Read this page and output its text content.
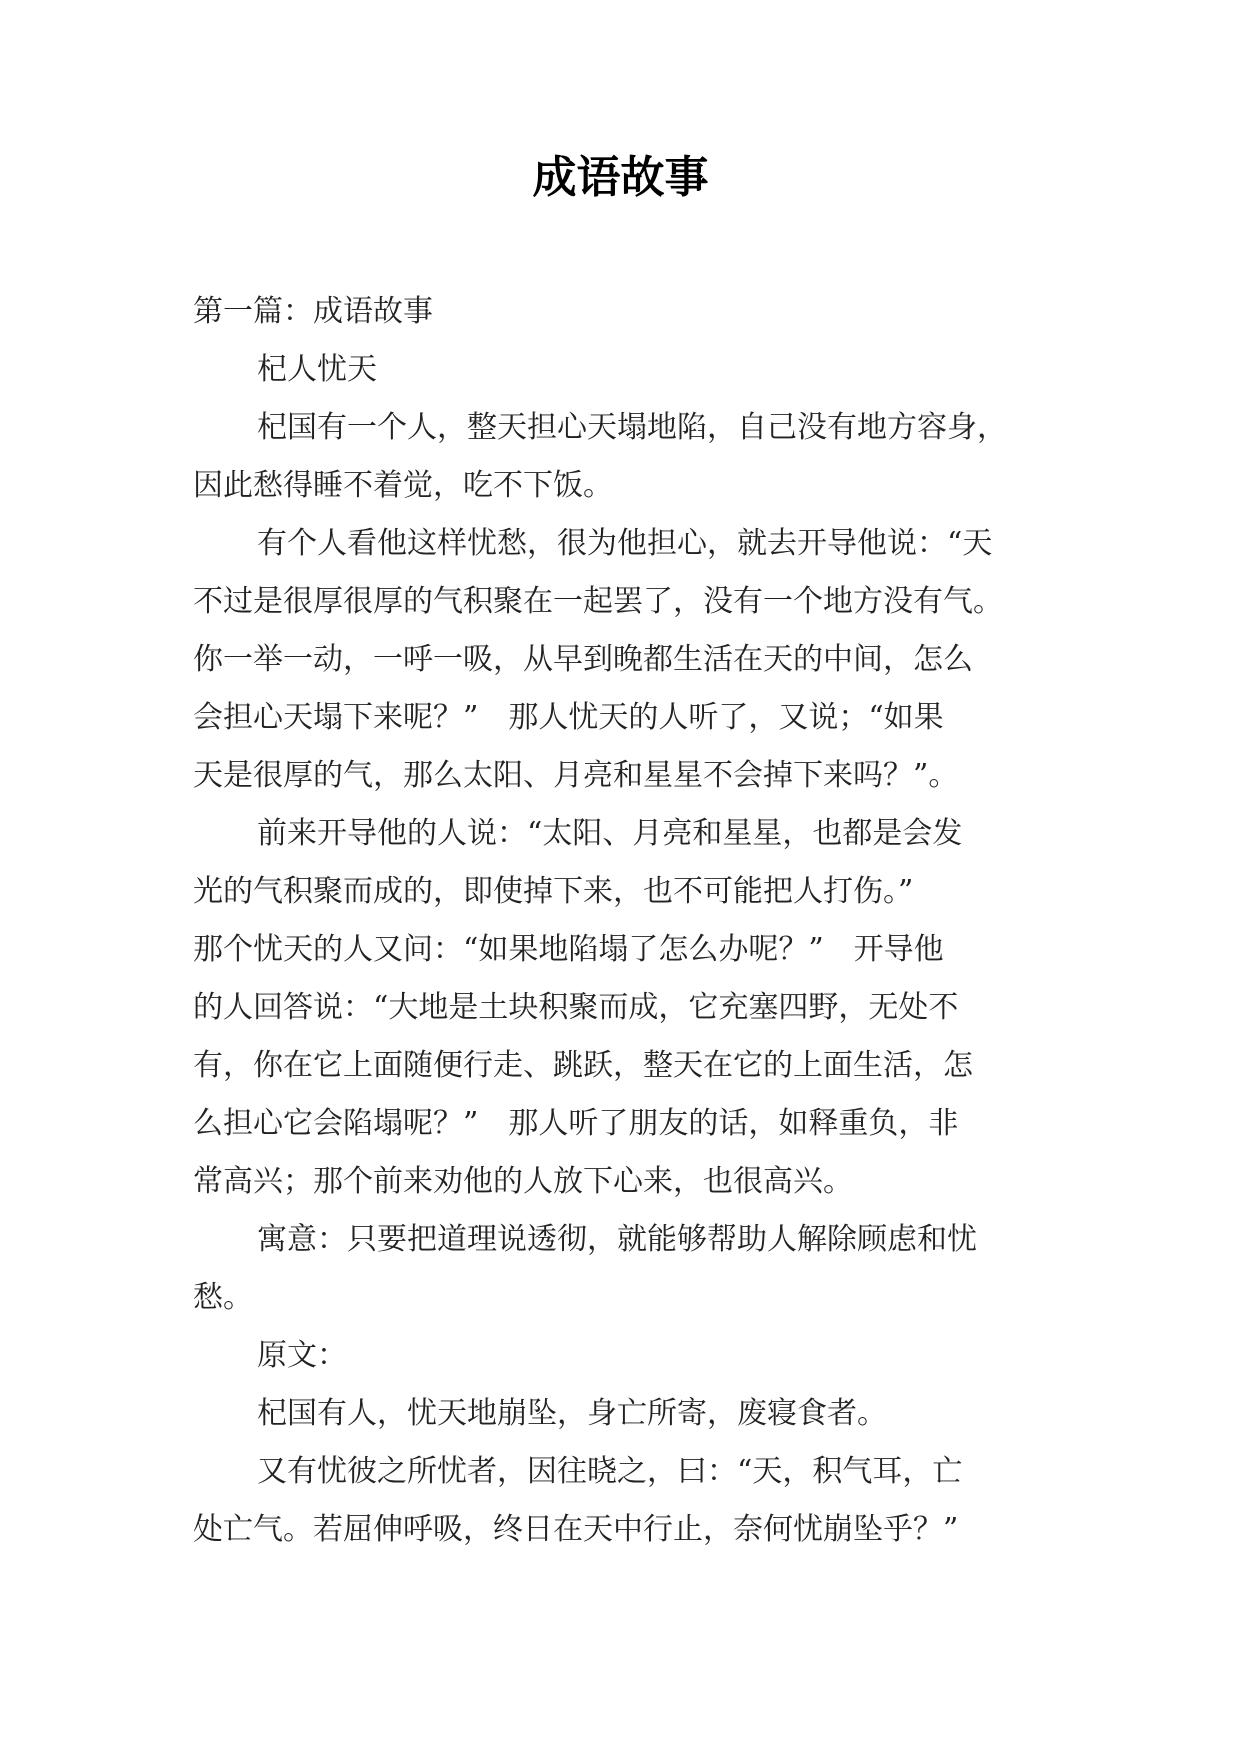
成语故事
第一篇：成语故事
杞人忧天
杞国有一个人，整天担心天塌地陷，自己没有地方容身，
因此愁得睡不着觉，吃不下饭。
有个人看他这样忧愁，很为他担心，就去开导他说：“天
不过是很厚很厚的气积聚在一起罢了，没有一个地方没有气。
你一举一动，一呼一吸，从早到晚都生活在天的中间，怎么
会担心天塌下来呢？”　那人忧天的人听了，又说；“如果
天是很厚的气，那么太阳、月亮和星星不会掉下来吗？”。
前来开导他的人说：“太阳、月亮和星星，也都是会发
光的气积聚而成的，即使掉下来，也不可能把人打伤。”
那个忧天的人又问：“如果地陷塌了怎么办呢？”　开导他
的人回答说：“大地是土块积聚而成，它充塞四野，无处不
有，你在它上面随便行走、跳跃，整天在它的上面生活，怎
么担心它会陷塌呢？”　那人听了朋友的话，如释重负，非
常高兴；那个前来劝他的人放下心来，也很高兴。
寓意：只要把道理说透彻，就能够帮助人解除顾虑和忧
愁。
原文：
杞国有人，忧天地崩坠，身亡所寄，废寝食者。
又有忧彼之所忧者，因往晓之，曰：“天，积气耳，亡
处亡气。若屈伸呼吸，终日在天中行止，奈何忧崩坠乎？”
